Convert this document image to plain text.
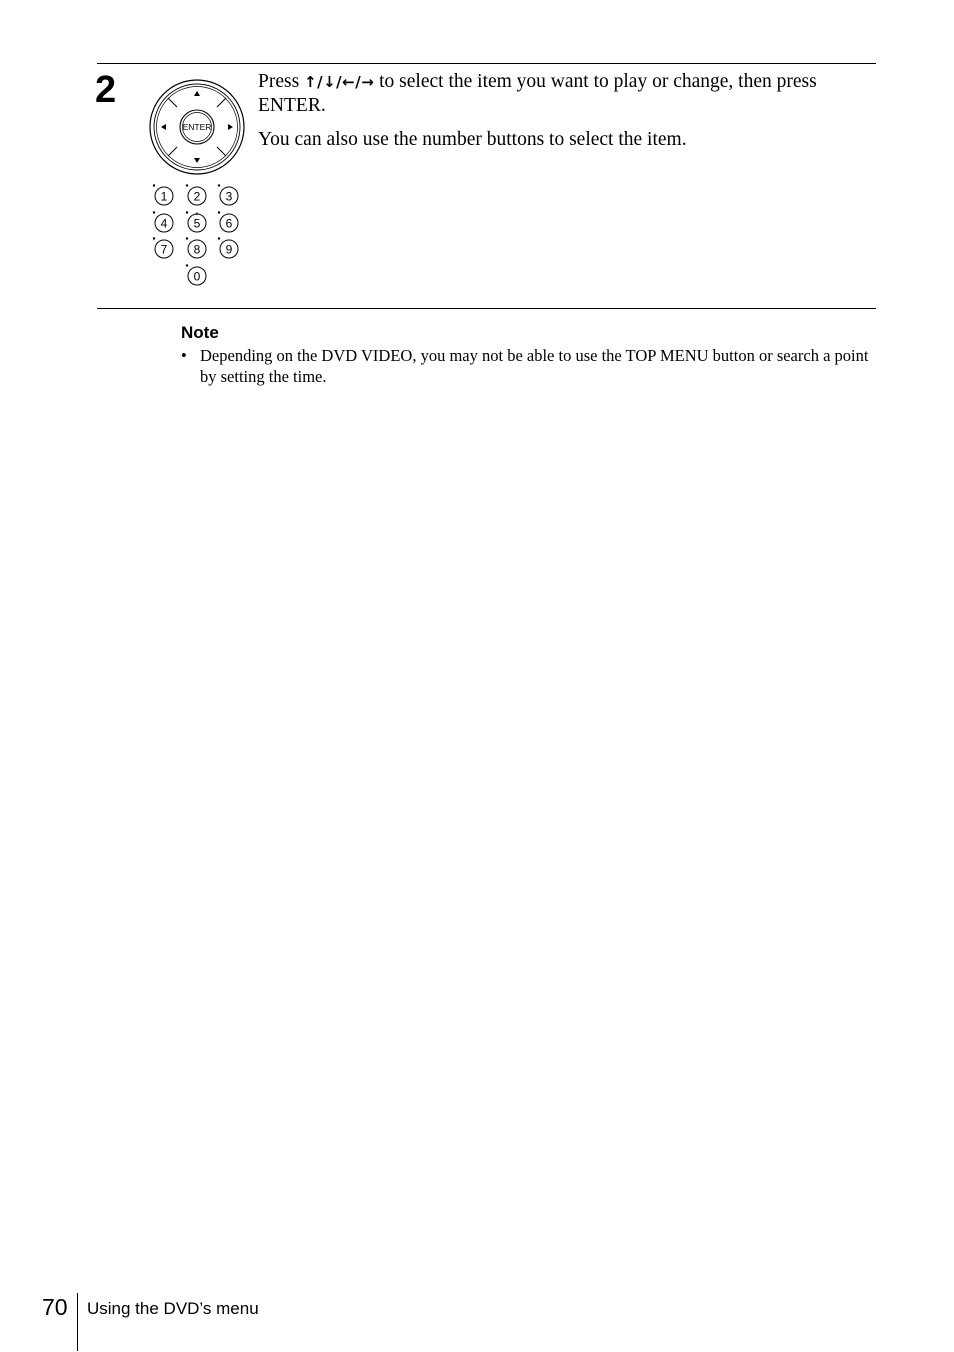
2
ENTER
1 2 3
4 5 6
7 8 9
0

Press ↑/↓/←/→ to select the item you want to play or change, then press ENTER.

You can also use the number buttons to select the item.

Note
• Depending on the DVD VIDEO, you may not be able to use the TOP MENU button or search a point by setting the time.
70 Using the DVD’s menu
